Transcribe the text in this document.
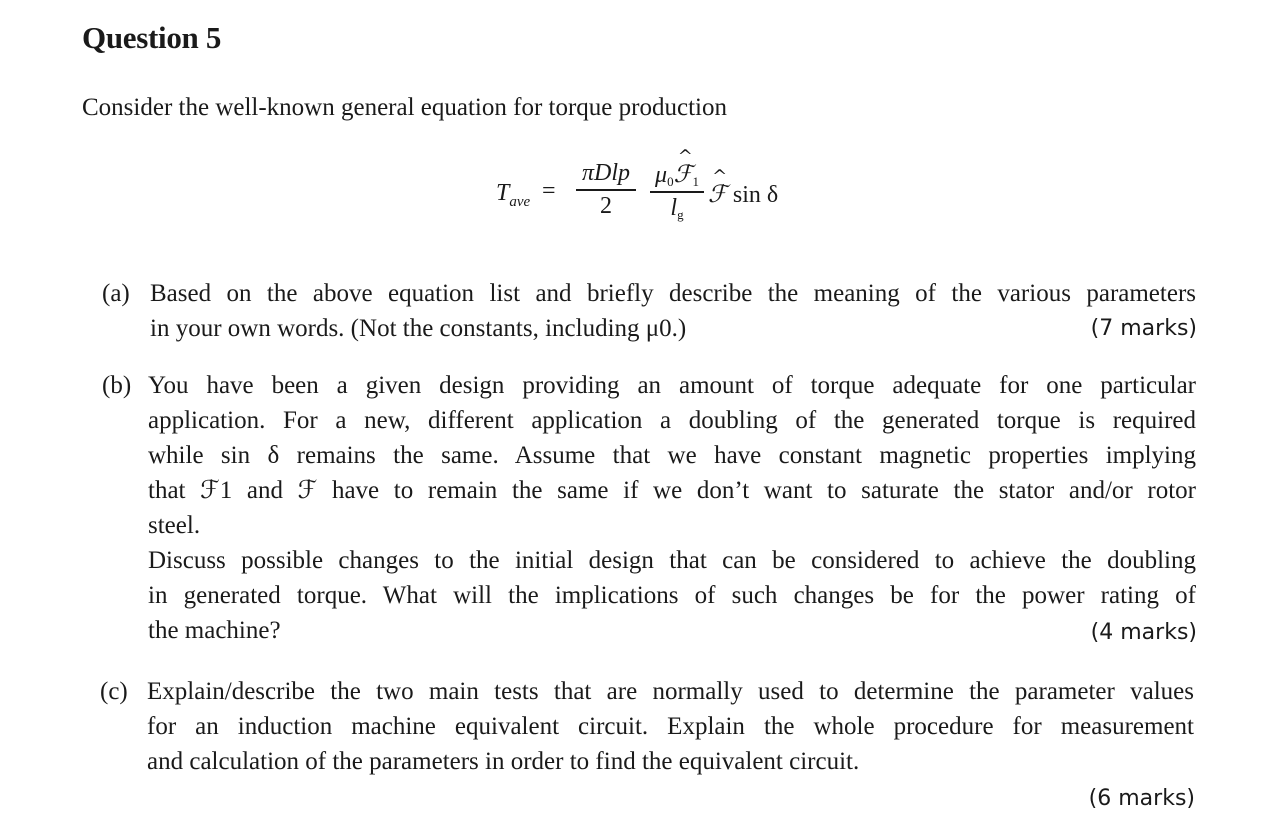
Question 5
Consider the well-known general equation for torque production
$T_{ave}$ =
πDlp
2
μ0^ ℱ1
lg
^ ℱ sin δ
(a) Based on the above equation list and briefly describe the meaning of the various parameters
in your own words. (Not the constants, including μ0.)	(7 marks)
(b) You have been a given design providing an amount of torque adequate for one particular
application. For a new, different application a doubling of the generated torque is required
while sin δ remains the same. Assume that we have constant magnetic properties implying
that ℱ1 and ℱ have to remain the same if we don’t want to saturate the stator and/or rotor
steel.
Discuss possible changes to the initial design that can be considered to achieve the doubling
in generated torque. What will the implications of such changes be for the power rating of
the machine?	(4 marks)
(c) Explain/describe the two main tests that are normally used to determine the parameter values
for an induction machine equivalent circuit. Explain the whole procedure for measurement
and calculation of the parameters in order to find the equivalent circuit.
(6 marks)
